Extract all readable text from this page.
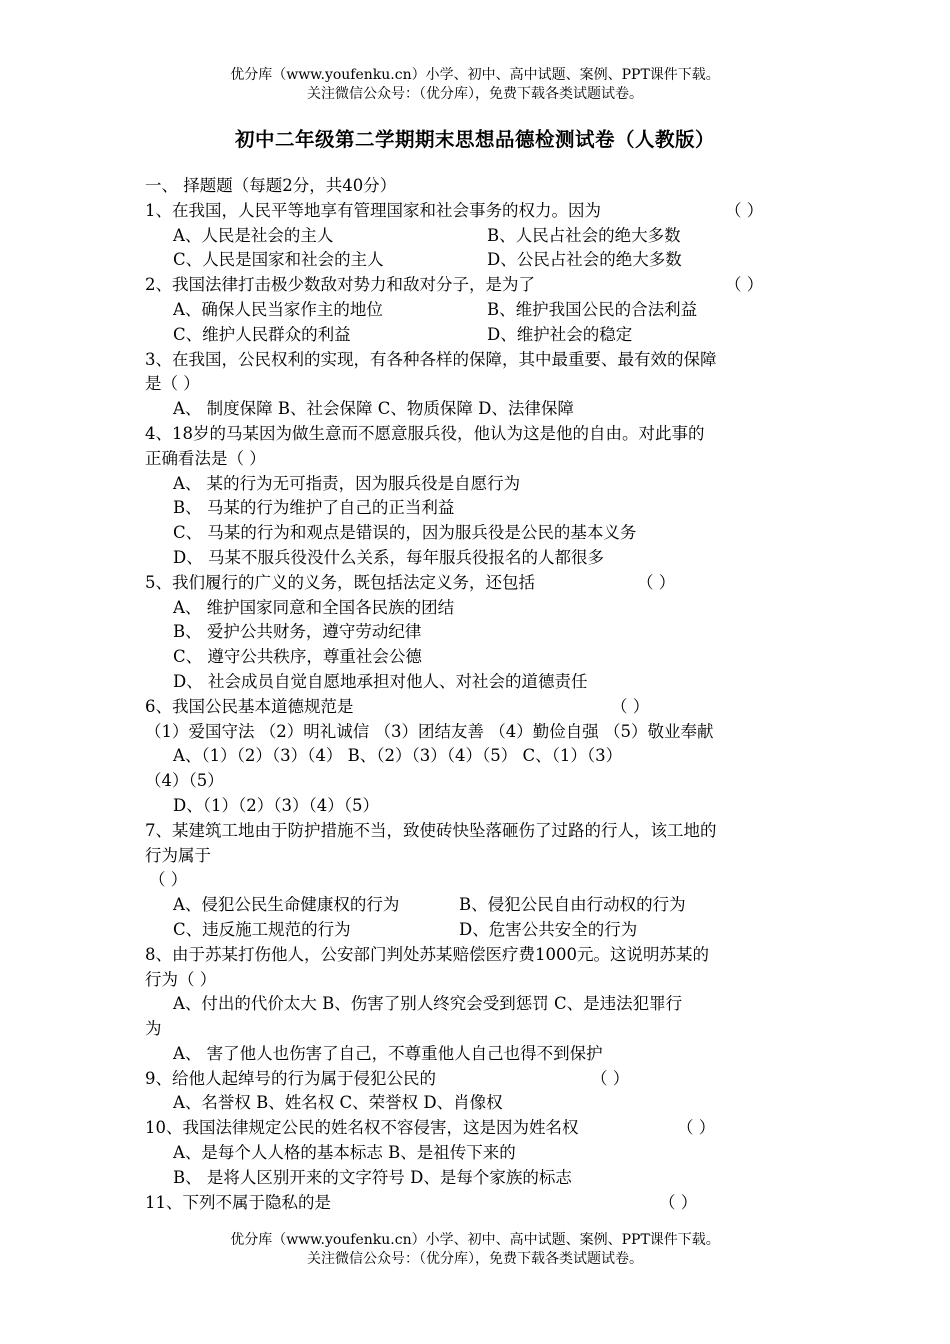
优分库（www.youfenku.cn）小学、初中、高中试题、案例、PPT课件下载。
关注微信公众号：（优分库），免费下载各类试题试卷。
初中二年级第二学期期末思想品德检测试卷（人教版）
一、 择题题（每题2分，共40分）
1、在我国，人民平等地享有管理国家和社会事务的权力。因为	（ ）
A、人民是社会的主人	B、人民占社会的绝大多数
C、人民是国家和社会的主人	D、公民占社会的绝大多数
2、我国法律打击极少数敌对势力和敌对分子，是为了	（ ）
A、确保人民当家作主的地位	B、维护我国公民的合法利益
C、维护人民群众的利益	D、维护社会的稳定
3、在我国，公民权利的实现，有各种各样的保障，其中最重要、最有效的保障
是（ ）
A、 制度保障 B、社会保障 C、物质保障 D、法律保障
4、18岁的马某因为做生意而不愿意服兵役，他认为这是他的自由。对此事的
正确看法是（ ）
A、 某的行为无可指责，因为服兵役是自愿行为
B、 马某的行为维护了自己的正当利益
C、 马某的行为和观点是错误的，因为服兵役是公民的基本义务
D、 马某不服兵役没什么关系，每年服兵役报名的人都很多
5、我们履行的广义的义务，既包括法定义务，还包括	（ ）
A、 维护国家同意和全国各民族的团结
B、 爱护公共财务，遵守劳动纪律
C、 遵守公共秩序，尊重社会公德
D、 社会成员自觉自愿地承担对他人、对社会的道德责任
6、我国公民基本道德规范是	（ ）
（1）爱国守法 （2）明礼诚信 （3）团结友善 （4）勤俭自强 （5）敬业奉献
A、（1）（2）（3）（4） B、（2）（3）（4）（5） C、（1）（3）
（4）（5）
D、（1）（2）（3）（4）（5）
7、某建筑工地由于防护措施不当，致使砖快坠落砸伤了过路的行人，该工地的
行为属于
（ ）
A、侵犯公民生命健康权的行为	B、侵犯公民自由行动权的行为
C、违反施工规范的行为	D、危害公共安全的行为
8、由于苏某打伤他人，公安部门判处苏某赔偿医疗费1000元。这说明苏某的
行为（ ）
A、付出的代价太大 B、伤害了别人终究会受到惩罚 C、是违法犯罪行
为
A、 害了他人也伤害了自己，不尊重他人自己也得不到保护
9、给他人起绰号的行为属于侵犯公民的	（ ）
A、名誉权 B、姓名权 C、荣誉权 D、肖像权
10、我国法律规定公民的姓名权不容侵害，这是因为姓名权	（ ）
A、是每个人人格的基本标志 B、是祖传下来的
B、 是将人区别开来的文字符号 D、是每个家族的标志
11、下列不属于隐私的是	（ ）
优分库（www.youfenku.cn）小学、初中、高中试题、案例、PPT课件下载。
关注微信公众号：（优分库），免费下载各类试题试卷。
